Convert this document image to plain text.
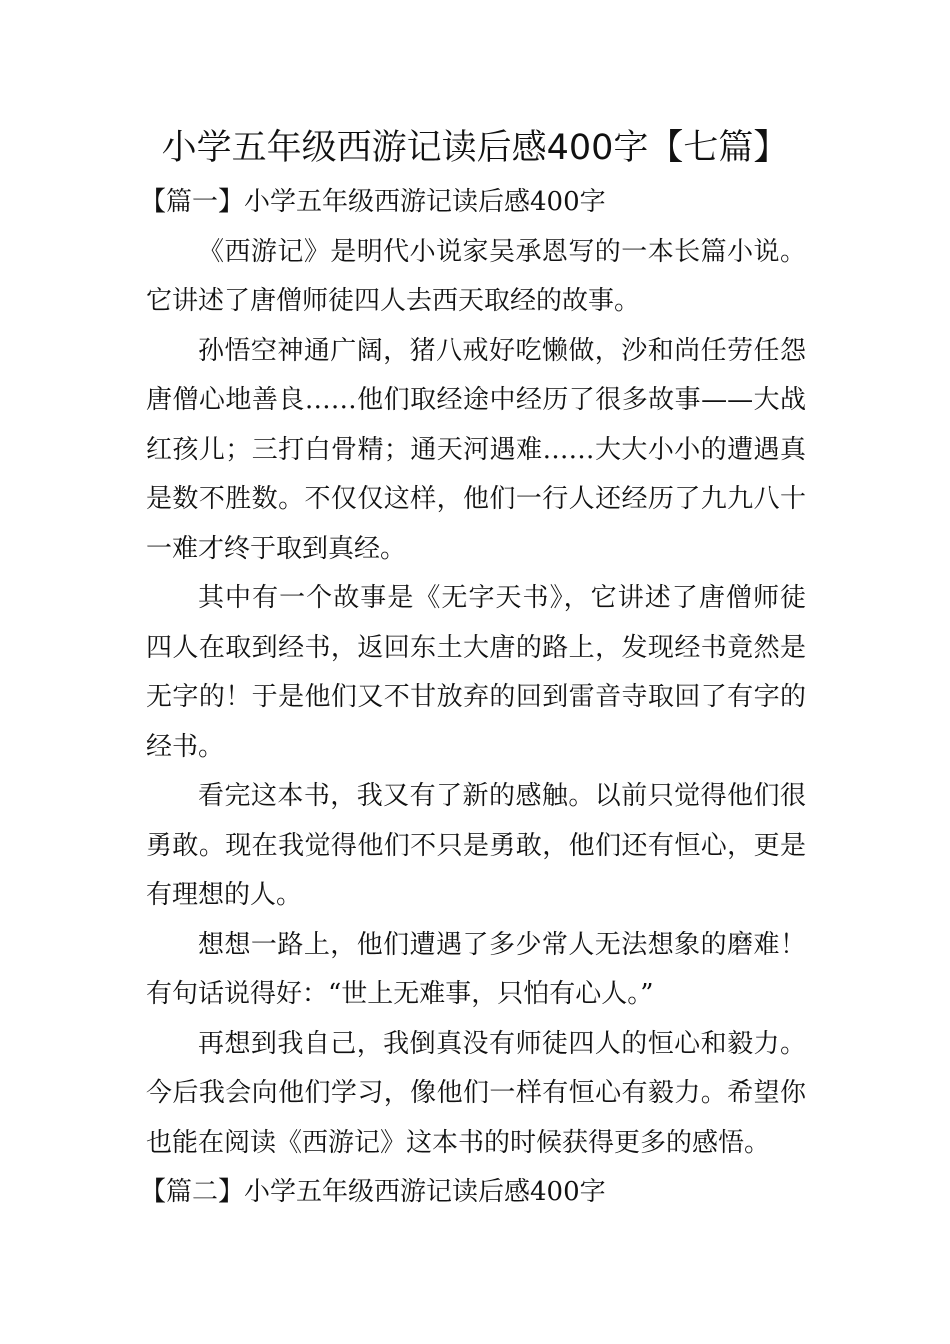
小学五年级西游记读后感400字【七篇】
【篇一】小学五年级西游记读后感400字

《西游记》是明代小说家吴承恩写的一本长篇小说。它讲述了唐僧师徒四人去西天取经的故事。

孙悟空神通广阔，猪八戒好吃懒做，沙和尚任劳任怨唐僧心地善良……他们取经途中经历了很多故事——大战红孩儿；三打白骨精；通天河遇难……大大小小的遭遇真是数不胜数。不仅仅这样，他们一行人还经历了九九八十一难才终于取到真经。

其中有一个故事是《无字天书》，它讲述了唐僧师徒四人在取到经书，返回东土大唐的路上，发现经书竟然是无字的！于是他们又不甘放弃的回到雷音寺取回了有字的经书。

看完这本书，我又有了新的感触。以前只觉得他们很勇敢。现在我觉得他们不只是勇敢，他们还有恒心，更是有理想的人。

想想一路上，他们遭遇了多少常人无法想象的磨难！有句话说得好：“世上无难事，只怕有心人。”

再想到我自己，我倒真没有师徒四人的恒心和毅力。今后我会向他们学习，像他们一样有恒心有毅力。希望你也能在阅读《西游记》这本书的时候获得更多的感悟。

【篇二】小学五年级西游记读后感400字
